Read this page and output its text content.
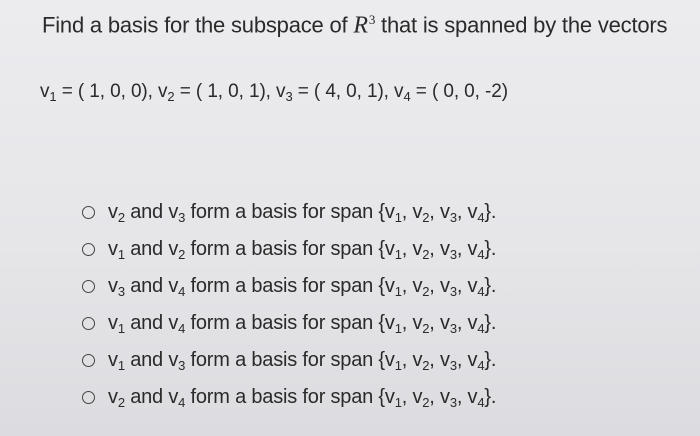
Find a basis for the subspace of $R^3$ that is spanned by the vectors
$v_1$ = ( 1, 0, 0), $v_2$ = ( 1, 0, 1), $v_3$ = ( 4, 0, 1), $v_4$ = ( 0, 0, -2)
$v_2$ and $v_3$ form a basis for span {$v_1$, $v_2$, $v_3$, $v_4$}.
$v_1$ and $v_2$ form a basis for span {$v_1$, $v_2$, $v_3$, $v_4$}.
$v_3$ and $v_4$ form a basis for span {$v_1$, $v_2$, $v_3$, $v_4$}.
$v_1$ and $v_4$ form a basis for span {$v_1$, $v_2$, $v_3$, $v_4$}.
$v_1$ and $v_3$ form a basis for span {$v_1$, $v_2$, $v_3$, $v_4$}.
$v_2$ and $v_4$ form a basis for span {$v_1$, $v_2$, $v_3$, $v_4$}.
